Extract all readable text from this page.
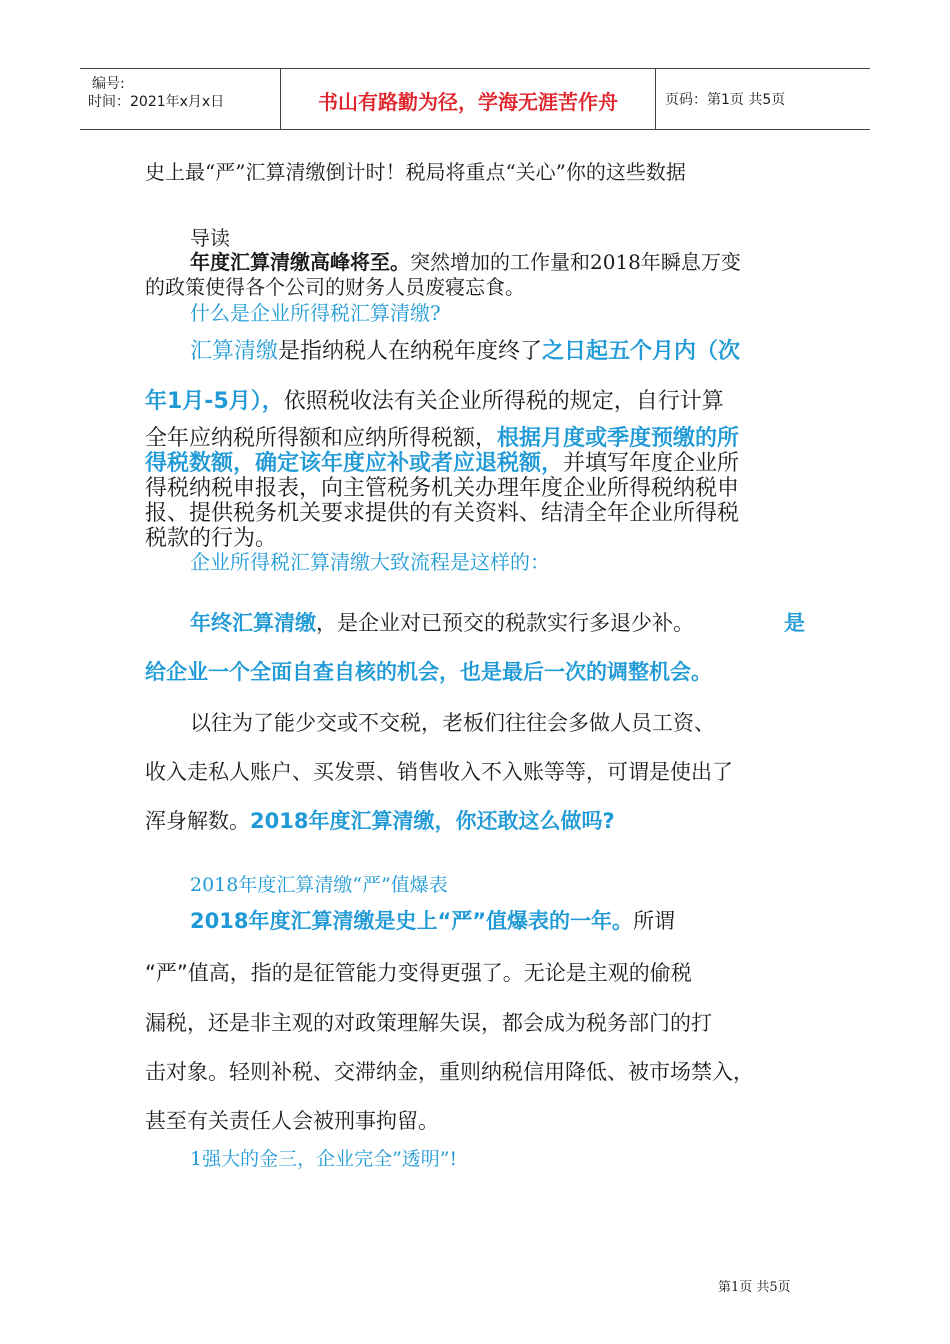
编号:
时间：2021年x月x日	书山有路勤为径，学海无涯苦作舟	页码：第1页 共5页
史上最“严”汇算清缴倒计时！税局将重点“关心”你的这些数据
导读
年度汇算清缴高峰将至。突然增加的工作量和2018年瞬息万变
的政策使得各个公司的财务人员废寝忘食。
什么是企业所得税汇算清缴?
汇算清缴是指纳税人在纳税年度终了之日起五个月内（次
年1月-5月），依照税收法有关企业所得税的规定，自行计算
全年应纳税所得额和应纳所得税额，根据月度或季度预缴的所
得税数额，确定该年度应补或者应退税额，并填写年度企业所
得税纳税申报表，向主管税务机关办理年度企业所得税纳税申
报、提供税务机关要求提供的有关资料、结清全年企业所得税
税款的行为。
企业所得税汇算清缴大致流程是这样的：
年终汇算清缴，是企业对已预交的税款实行多退少补。	是
给企业一个全面自查自核的机会，也是最后一次的调整机会。
以往为了能少交或不交税，老板们往往会多做人员工资、
收入走私人账户、买发票、销售收入不入账等等，可谓是使出了
浑身解数。2018年度汇算清缴，你还敢这么做吗?
2018年度汇算清缴“严”值爆表
2018年度汇算清缴是史上“严”值爆表的一年。所谓
“严”值高，指的是征管能力变得更强了。无论是主观的偷税
漏税，还是非主观的对政策理解失误，都会成为税务部门的打
击对象。轻则补税、交滞纳金，重则纳税信用降低、被市场禁入，
甚至有关责任人会被刑事拘留。
1强大的金三，企业完全”透明”!
第1页 共5页
